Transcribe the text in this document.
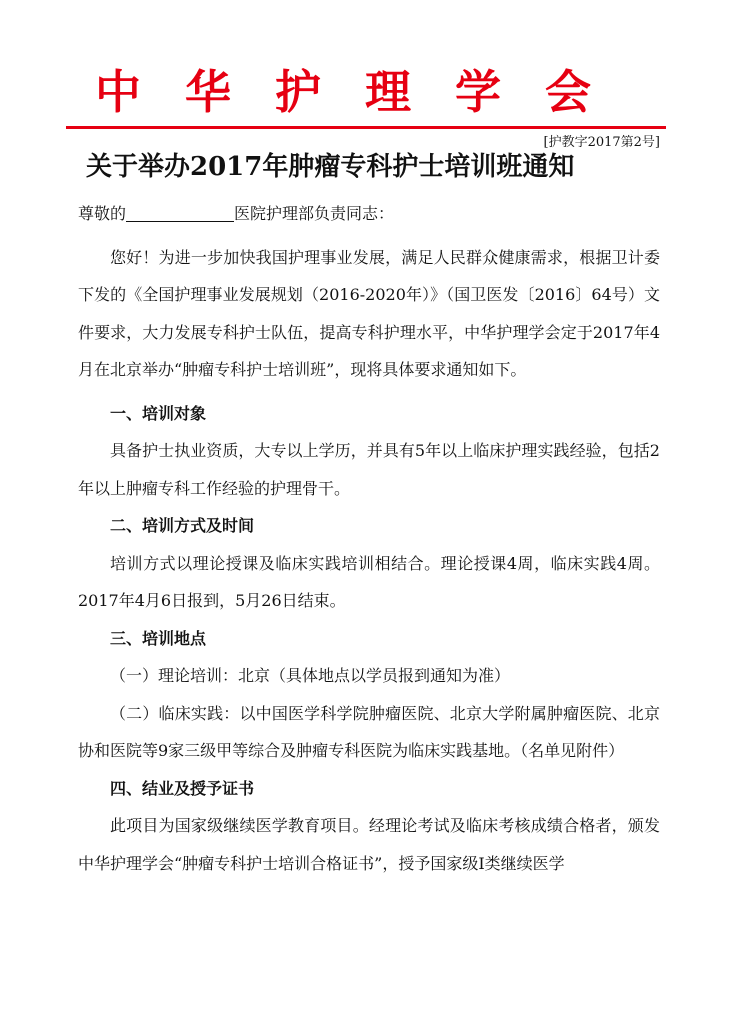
中华护理学会
[护教字2017第2号]
关于举办2017年肿瘤专科护士培训班通知

尊敬的	医院护理部负责同志：

您好！为进一步加快我国护理事业发展，满足人民群众健康需求，根据卫计委下发的《全国护理事业发展规划（2016-2020年）》（国卫医发〔2016〕64号）文件要求，大力发展专科护士队伍，提高专科护理水平，中华护理学会定于2017年4月在北京举办“肿瘤专科护士培训班”，现将具体要求通知如下。

一、培训对象

具备护士执业资质，大专以上学历，并具有5年以上临床护理实践经验，包括2年以上肿瘤专科工作经验的护理骨干。

二、培训方式及时间

培训方式以理论授课及临床实践培训相结合。理论授课4周，临床实践4周。2017年4月6日报到，5月26日结束。

三、培训地点

（一）理论培训：北京（具体地点以学员报到通知为准）

（二）临床实践：以中国医学科学院肿瘤医院、北京大学附属肿瘤医院、北京协和医院等9家三级甲等综合及肿瘤专科医院为临床实践基地。（名单见附件）

四、结业及授予证书

此项目为国家级继续医学教育项目。经理论考试及临床考核成绩合格者，颁发中华护理学会“肿瘤专科护士培训合格证书”，授予国家级Ⅰ类继续医学
